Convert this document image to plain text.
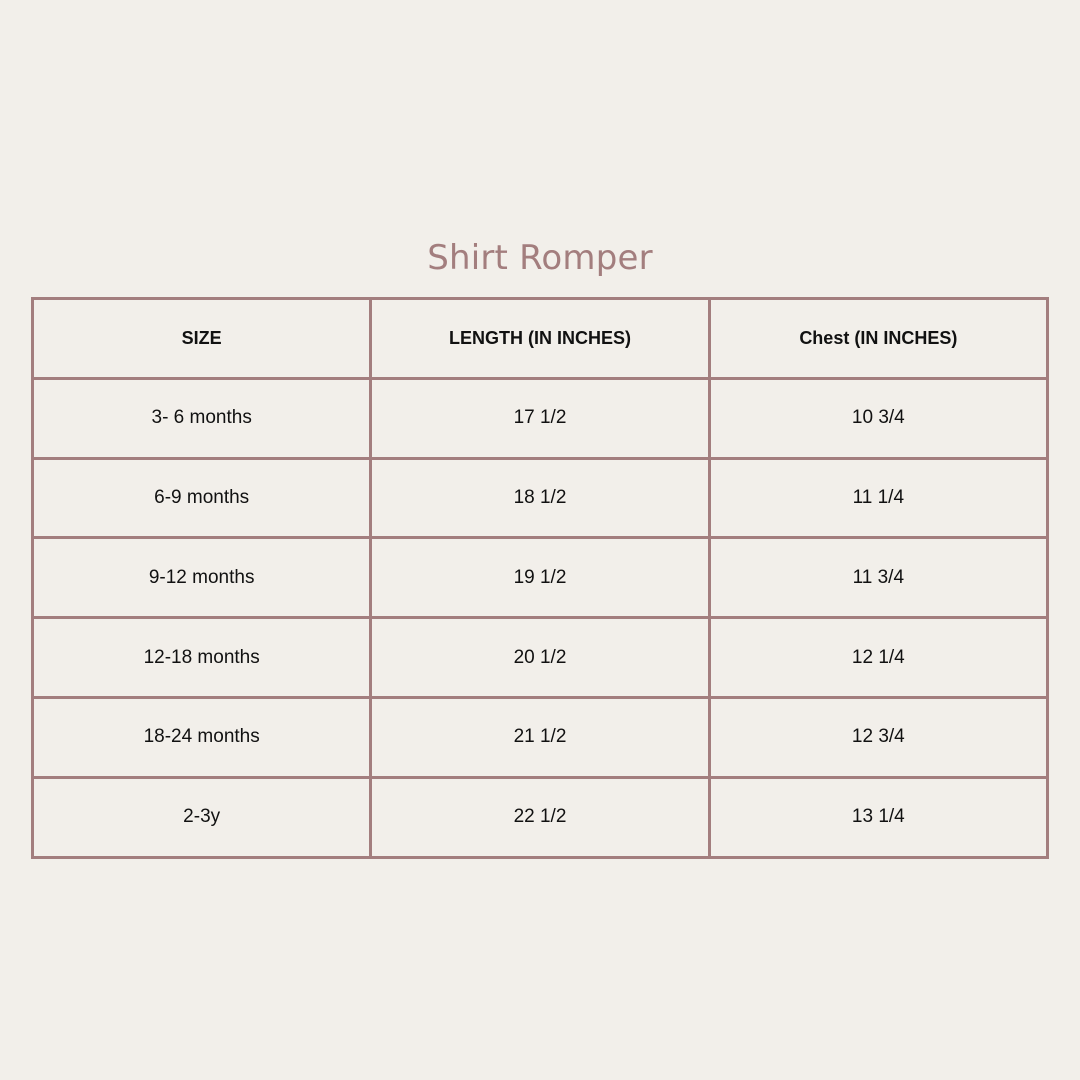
Shirt Romper
SIZE	LENGTH (IN INCHES)	Chest (IN INCHES)
3- 6 months	17 1/2	10 3/4
6-9 months	18 1/2	11 1/4
9-12 months	19 1/2	11 3/4
12-18 months	20 1/2	12 1/4
18-24 months	21 1/2	12 3/4
2-3y	22 1/2	13 1/4
